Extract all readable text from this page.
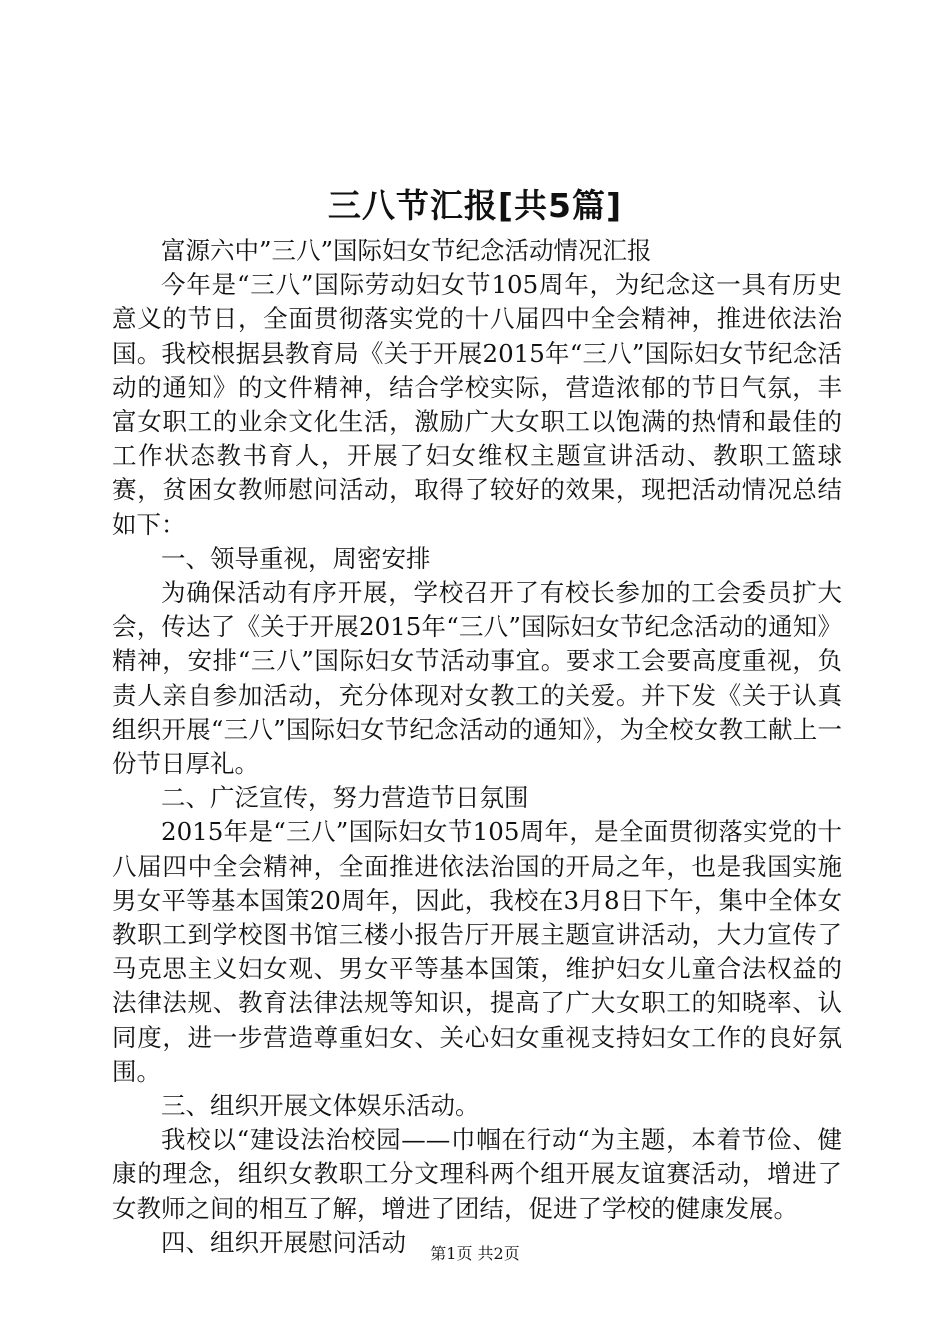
三八节汇报[共5篇]

富源六中”三八”国际妇女节纪念活动情况汇报

今年是“三八”国际劳动妇女节105周年，为纪念这一具有历史意义的节日，全面贯彻落实党的十八届四中全会精神，推进依法治国。我校根据县教育局《关于开展2015年“三八”国际妇女节纪念活动的通知》的文件精神，结合学校实际，营造浓郁的节日气氛，丰富女职工的业余文化生活，激励广大女职工以饱满的热情和最佳的工作状态教书育人，开展了妇女维权主题宣讲活动、教职工篮球赛，贫困女教师慰问活动，取得了较好的效果，现把活动情况总结如下：

一、领导重视，周密安排

为确保活动有序开展，学校召开了有校长参加的工会委员扩大会，传达了《关于开展2015年“三八”国际妇女节纪念活动的通知》精神，安排“三八”国际妇女节活动事宜。要求工会要高度重视，负责人亲自参加活动，充分体现对女教工的关爱。并下发《关于认真组织开展“三八”国际妇女节纪念活动的通知》，为全校女教工献上一份节日厚礼。

二、广泛宣传，努力营造节日氛围

2015年是“三八”国际妇女节105周年，是全面贯彻落实党的十八届四中全会精神，全面推进依法治国的开局之年，也是我国实施男女平等基本国策20周年，因此，我校在3月8日下午，集中全体女教职工到学校图书馆三楼小报告厅开展主题宣讲活动，大力宣传了马克思主义妇女观、男女平等基本国策，维护妇女儿童合法权益的法律法规、教育法律法规等知识，提高了广大女职工的知晓率、认同度，进一步营造尊重妇女、关心妇女重视支持妇女工作的良好氛围。

三、组织开展文体娱乐活动。

我校以“建设法治校园——巾帼在行动“为主题，本着节俭、健康的理念，组织女教职工分文理科两个组开展友谊赛活动，增进了女教师之间的相互了解，增进了团结，促进了学校的健康发展。

四、组织开展慰问活动	第1页 共2页
